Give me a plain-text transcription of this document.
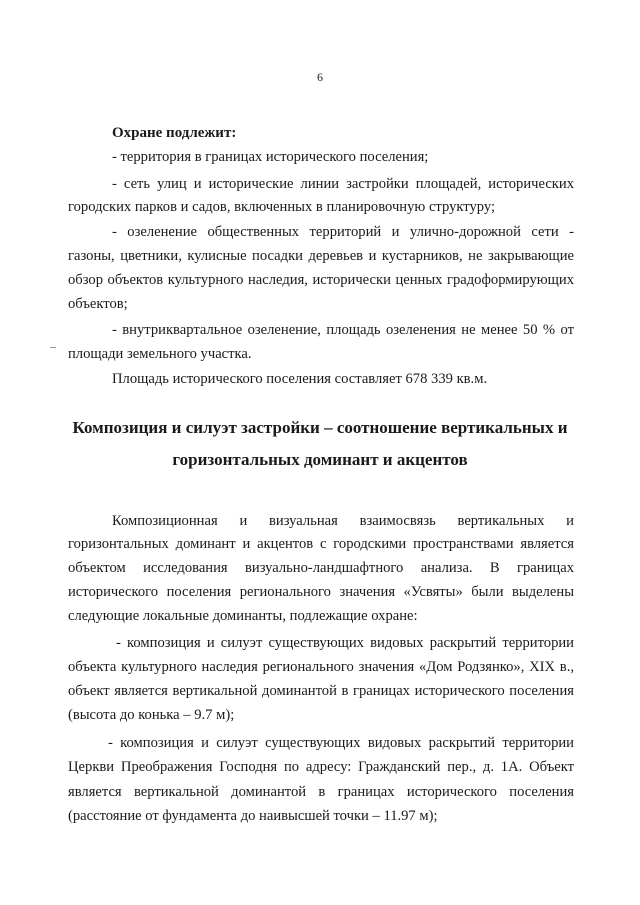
6
Охране подлежит:
- территория в границах исторического поселения;
- сеть улиц и исторические линии застройки площадей, исторических
городских парков и садов, включенных в планировочную структуру;
- озеленение общественных территорий и улично-дорожной сети -
газоны, цветники, кулисные посадки деревьев и кустарников, не закрывающие
обзор объектов культурного наследия, исторически ценных градоформирующих
объектов;
- внутриквартальное озеленение, площадь озеленения не менее 50 % от
площади земельного участка.
Площадь исторического поселения составляет 678 339 кв.м.
Композиция и силуэт застройки – соотношение вертикальных и
горизонтальных доминант и акцентов
Композиционная и визуальная взаимосвязь вертикальных и
горизонтальных доминант и акцентов с городскими пространствами является
объектом исследования визуально-ландшафтного анализа. В границах
исторического поселения регионального значения «Усвяты» были выделены
следующие локальные доминанты, подлежащие охране:
- композиция и силуэт существующих видовых раскрытий территории
объекта культурного наследия регионального значения «Дом Родзянко», XIX в.,
объект является вертикальной доминантой в границах исторического поселения
(высота до конька – 9.7 м);
- композиция и силуэт существующих видовых раскрытий территории
Церкви Преображения Господня по адресу: Гражданский пер., д. 1А. Объект
является вертикальной доминантой в границах исторического поселения
(расстояние от фундамента до наивысшей точки – 11.97 м);
